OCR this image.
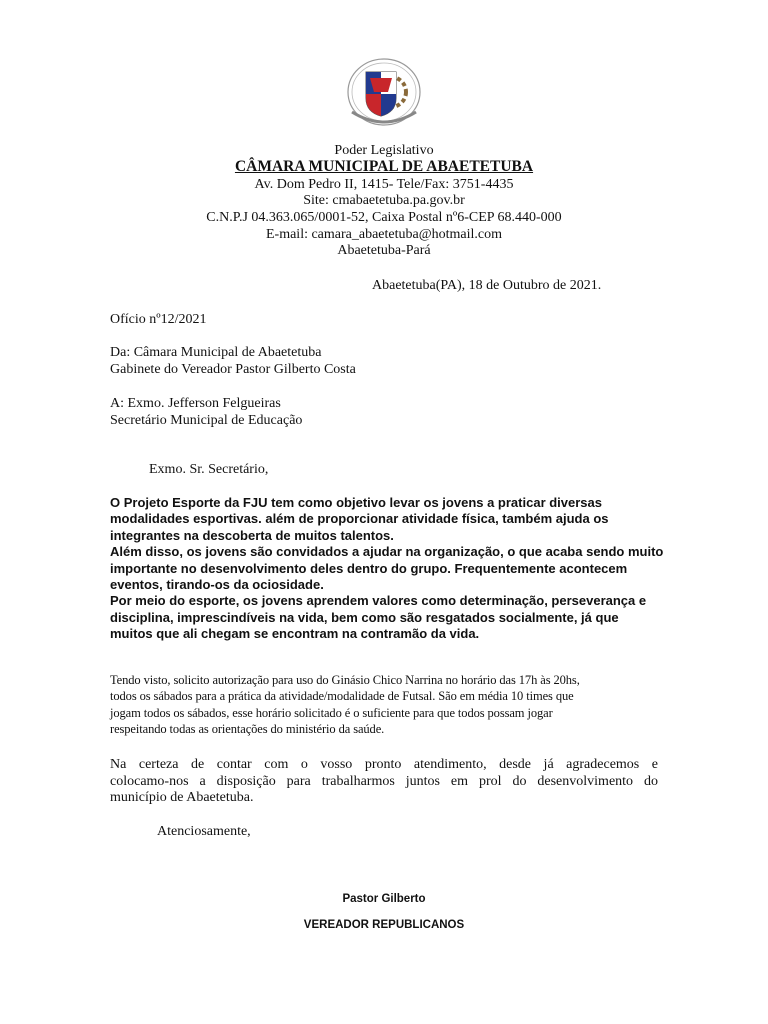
Poder Legislativo
CÂMARA MUNICIPAL DE ABAETETUBA
Av. Dom Pedro II, 1415- Tele/Fax: 3751-4435
Site: cmabaetetuba.pa.gov.br
C.N.P.J 04.363.065/0001-52, Caixa Postal nº6-CEP 68.440-000
E-mail: camara_abaetetuba@hotmail.com
Abaetetuba-Pará
Abaetetuba(PA), 18 de Outubro de 2021.
Ofício nº12/2021
Da: Câmara Municipal de Abaetetuba
Gabinete do Vereador Pastor Gilberto Costa
A: Exmo. Jefferson Felgueiras
Secretário Municipal de Educação
Exmo. Sr. Secretário,
O Projeto Esporte da FJU tem como objetivo levar os jovens a praticar diversas
modalidades esportivas. além de proporcionar atividade física, também ajuda os
integrantes na descoberta de muitos talentos.
Além disso, os jovens são convidados a ajudar na organização, o que acaba sendo muito
importante no desenvolvimento deles dentro do grupo. Frequentemente acontecem
eventos, tirando-os da ociosidade.
Por meio do esporte, os jovens aprendem valores como determinação, perseverança e
disciplina, imprescindíveis na vida, bem como são resgatados socialmente, já que
muitos que ali chegam se encontram na contramão da vida.
Tendo visto, solicito autorização para uso do Ginásio Chico Narrina no horário das 17h às 20hs,
todos os sábados para a prática da atividade/modalidade de Futsal. São em média 10 times que
jogam todos os sábados, esse horário solicitado é o suficiente para que todos possam jogar
respeitando todas as orientações do ministério da saúde.
Na certeza de contar com o vosso pronto atendimento, desde já agradecemos e
colocamo-nos a disposição para trabalharmos juntos em prol do desenvolvimento do
município de Abaetetuba.
Atenciosamente,
Pastor Gilberto
VEREADOR REPUBLICANOS
